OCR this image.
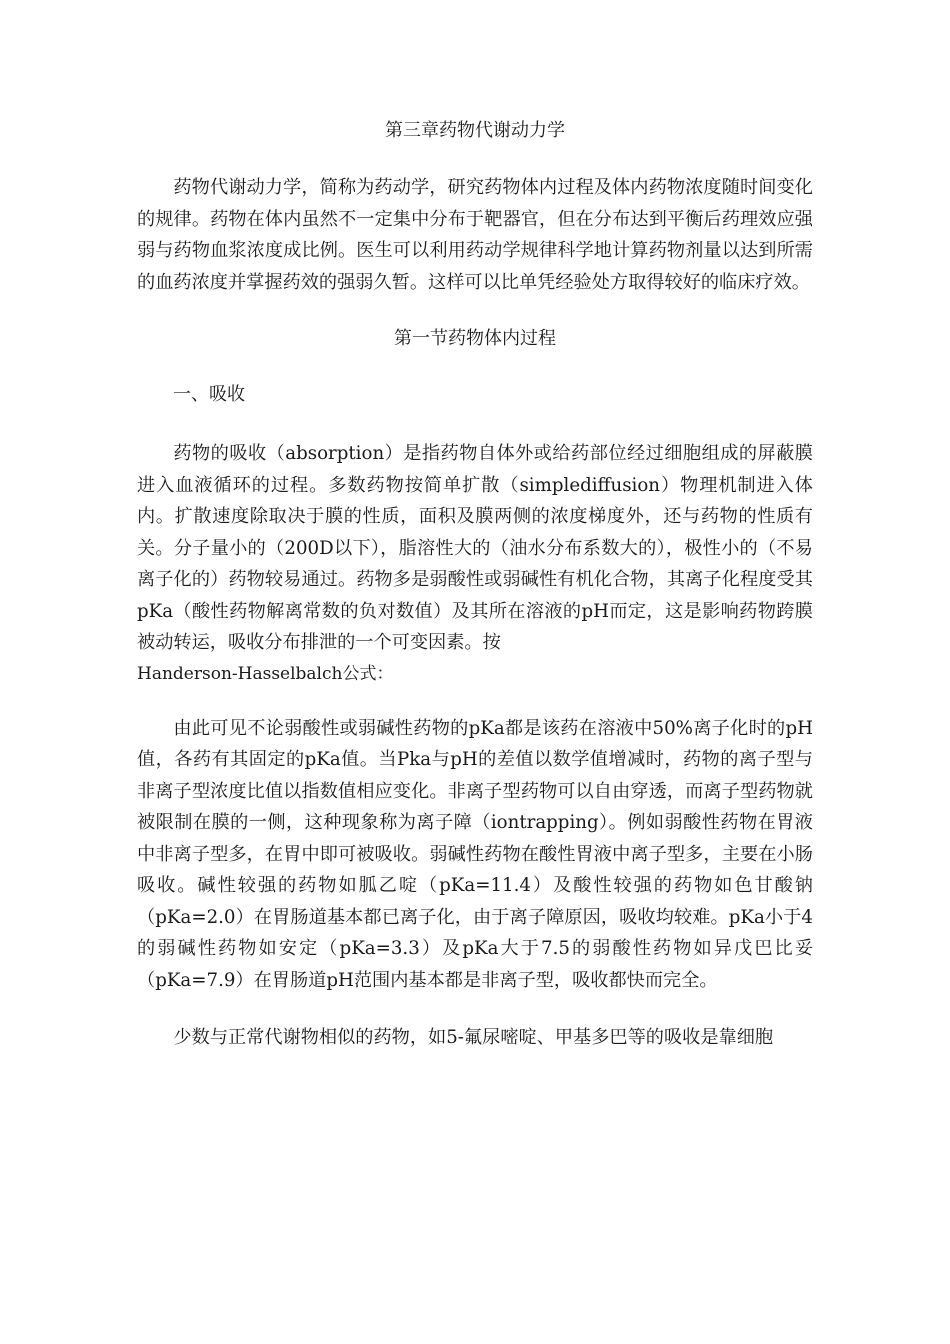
第三章药物代谢动力学

药物代谢动力学，简称为药动学，研究药物体内过程及体内药物浓度随时间变化的规律。药物在体内虽然不一定集中分布于靶器官，但在分布达到平衡后药理效应强弱与药物血浆浓度成比例。医生可以利用药动学规律科学地计算药物剂量以达到所需的血药浓度并掌握药效的强弱久暂。这样可以比单凭经验处方取得较好的临床疗效。

第一节药物体内过程

一、吸收

药物的吸收（absorption）是指药物自体外或给药部位经过细胞组成的屏蔽膜进入血液循环的过程。多数药物按简单扩散（simplediffusion）物理机制进入体内。扩散速度除取决于膜的性质，面积及膜两侧的浓度梯度外，还与药物的性质有关。分子量小的（200D以下），脂溶性大的（油水分布系数大的），极性小的（不易离子化的）药物较易通过。药物多是弱酸性或弱碱性有机化合物，其离子化程度受其pKa（酸性药物解离常数的负对数值）及其所在溶液的pH而定，这是影响药物跨膜被动转运，吸收分布排泄的一个可变因素。按

Handerson-Hasselbalch公式：

由此可见不论弱酸性或弱碱性药物的pKa都是该药在溶液中50%离子化时的pH值，各药有其固定的pKa值。当Pka与pH的差值以数学值增减时，药物的离子型与非离子型浓度比值以指数值相应变化。非离子型药物可以自由穿透，而离子型药物就被限制在膜的一侧，这种现象称为离子障（iontrapping）。例如弱酸性药物在胃液中非离子型多，在胃中即可被吸收。弱碱性药物在酸性胃液中离子型多，主要在小肠吸收。碱性较强的药物如胍乙啶（pKa=11.4）及酸性较强的药物如色甘酸钠（pKa=2.0）在胃肠道基本都已离子化，由于离子障原因，吸收均较难。pKa小于4的弱碱性药物如安定（pKa=3.3）及pKa大于7.5的弱酸性药物如异戊巴比妥（pKa=7.9）在胃肠道pH范围内基本都是非离子型，吸收都快而完全。

少数与正常代谢物相似的药物，如5-氟尿嘧啶、甲基多巴等的吸收是靠细胞
